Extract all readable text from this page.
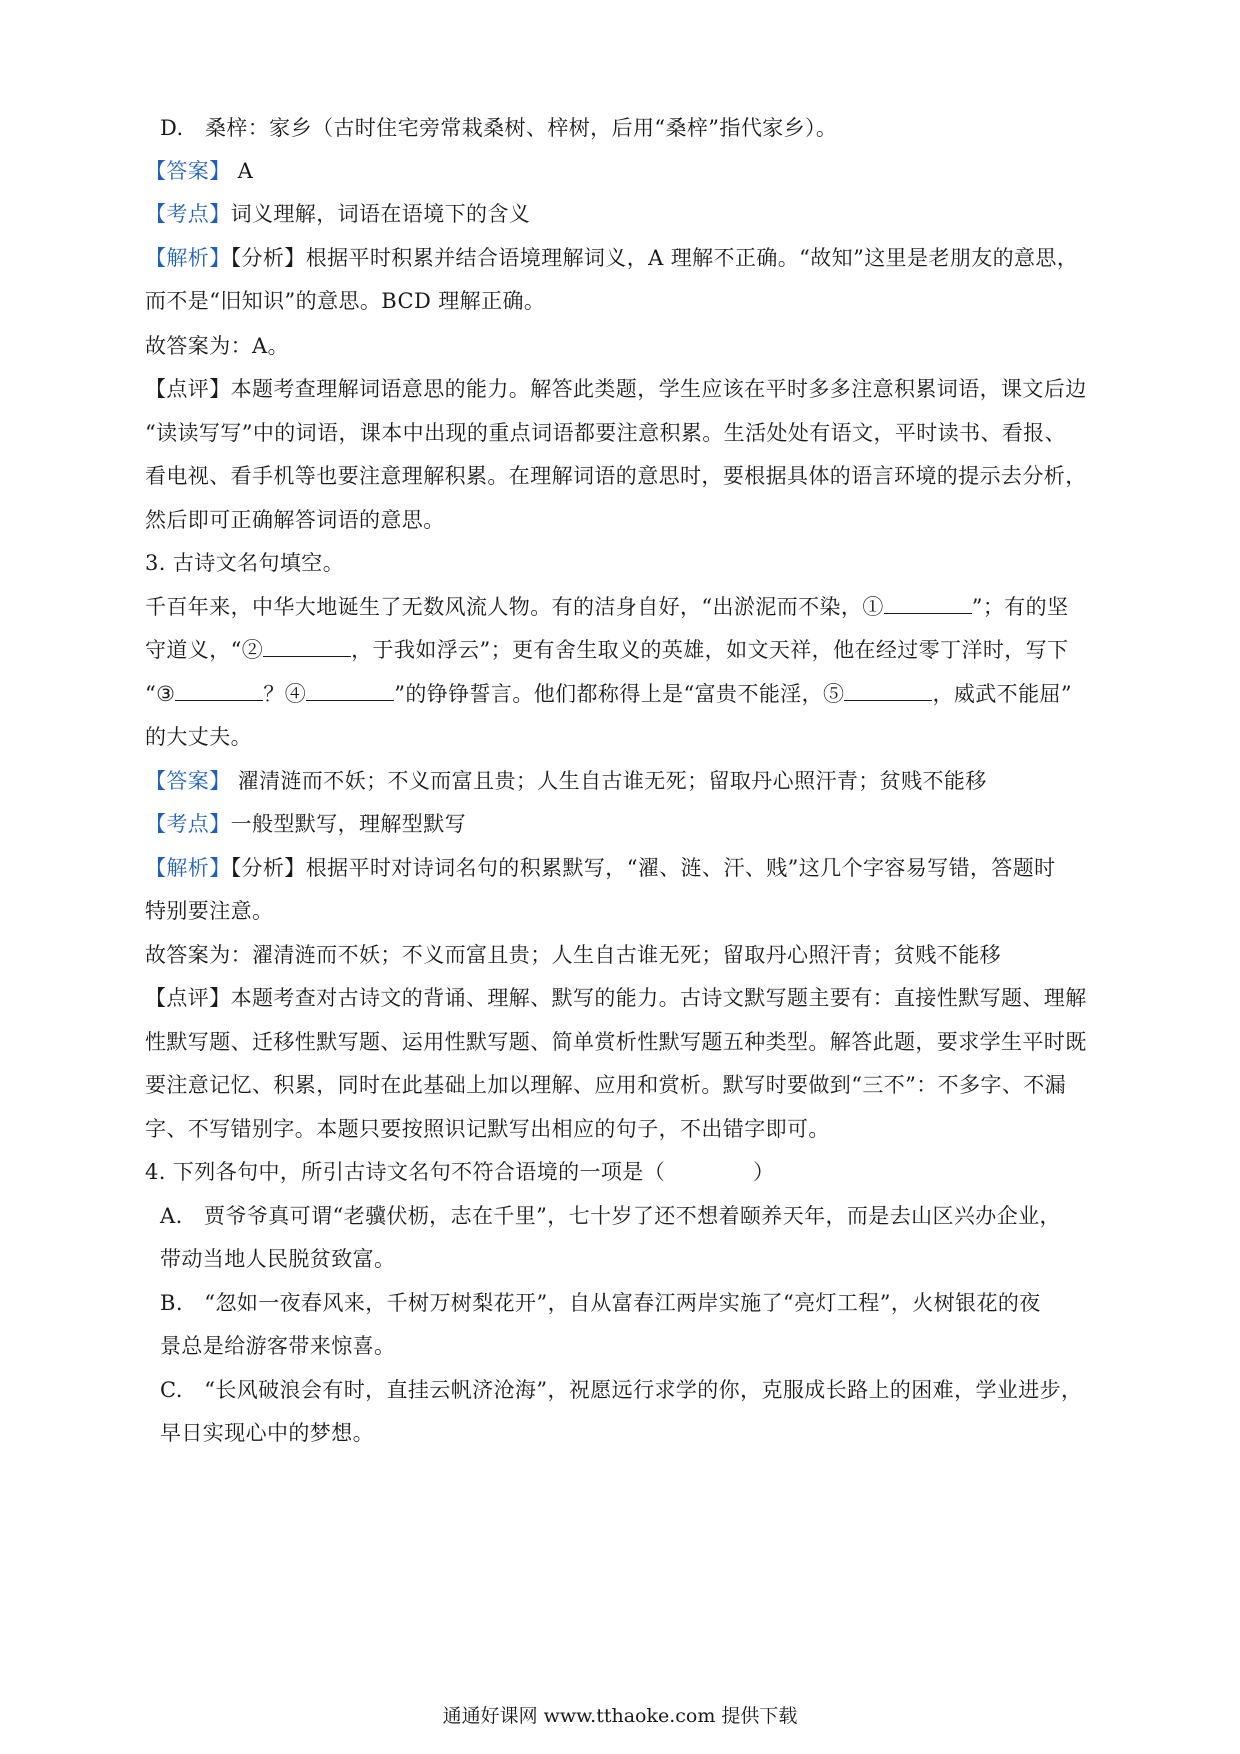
D.　桑梓：家乡（古时住宅旁常栽桑树、梓树，后用“桑梓”指代家乡）。
【答案】 A
【考点】词义理解，词语在语境下的含义
【解析】【分析】根据平时积累并结合语境理解词义，A 理解不正确。“故知”这里是老朋友的意思，
而不是“旧知识”的意思。BCD 理解正确。
故答案为：A。
【点评】本题考查理解词语意思的能力。解答此类题，学生应该在平时多多注意积累词语，课文后边
“读读写写”中的词语，课本中出现的重点词语都要注意积累。生活处处有语文，平时读书、看报、
看电视、看手机等也要注意理解积累。在理解词语的意思时，要根据具体的语言环境的提示去分析，
然后即可正确解答词语的意思。
3. 古诗文名句填空。
千百年来，中华大地诞生了无数风流人物。有的洁身自好，“出淤泥而不染，①	”；有的坚
守道义，“②	，于我如浮云”；更有舍生取义的英雄，如文天祥，他在经过零丁洋时，写下
“③	？④	”的铮铮誓言。他们都称得上是“富贵不能淫，⑤	，威武不能屈”
的大丈夫。
【答案】 濯清涟而不妖；不义而富且贵；人生自古谁无死；留取丹心照汗青；贫贱不能移
【考点】一般型默写，理解型默写
【解析】【分析】根据平时对诗词名句的积累默写，“濯、涟、汗、贱”这几个字容易写错，答题时
特别要注意。
故答案为：濯清涟而不妖；不义而富且贵；人生自古谁无死；留取丹心照汗青；贫贱不能移
【点评】本题考查对古诗文的背诵、理解、默写的能力。古诗文默写题主要有：直接性默写题、理解
性默写题、迁移性默写题、运用性默写题、简单赏析性默写题五种类型。解答此题，要求学生平时既
要注意记忆、积累，同时在此基础上加以理解、应用和赏析。默写时要做到“三不”：不多字、不漏
字、不写错别字。本题只要按照识记默写出相应的句子，不出错字即可。
4. 下列各句中，所引古诗文名句不符合语境的一项是（	）
A.　贾爷爷真可谓“老骥伏枥，志在千里”，七十岁了还不想着颐养天年，而是去山区兴办企业，
带动当地人民脱贫致富。
B.　“忽如一夜春风来，千树万树梨花开”，自从富春江两岸实施了“亮灯工程”，火树银花的夜
景总是给游客带来惊喜。
C.　“长风破浪会有时，直挂云帆济沧海”，祝愿远行求学的你，克服成长路上的困难，学业进步，
早日实现心中的梦想。
通通好课网 www.tthaoke.com 提供下载
